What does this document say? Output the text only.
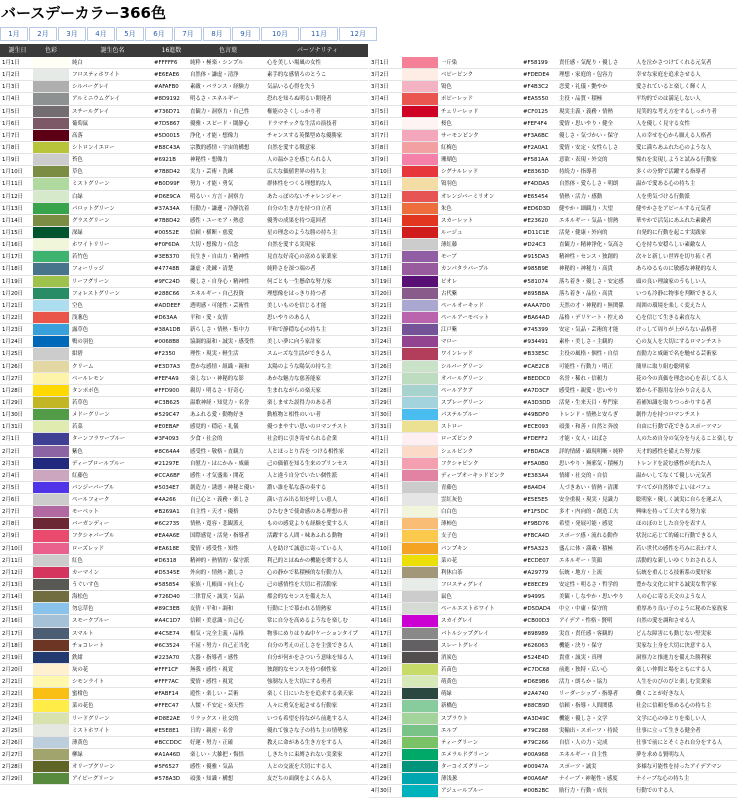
バースデーカラー366色
1月	2月	3月	4月	5月	6月	7月	8月	9月	10月	11月	12月
誕生日	色彩	誕生色名	16進数	色言葉	パーソナリティ
1月1日	純白	#FFFFF6	純粋・極楽・シンプル	心を美しい場風の女性
1月2日	フロスティホワイト	#E6EAE6	自然体・謙虚・清浄	素手的な感情ろのとうこ
1月3日	シルバーグレイ	#AFAFB0	素敵・バランス・経験力	気品いる心得を失う
1月4日	アルミニウムグレイ	#8D9192	明るさ・エネルギー	恐れを知らぬ明るい開発者
1月5日	スチールグレイ	#736D71	直観力・洞察力・自己性	権能のさくしっかり者
1月6日	葡萄鼠	#7D5867	優雅・スピード・闊静心	ドラマチックな生活の演技者
1月7日	高落	#5D0015	浄化・才能・想像力	チャンスする英傑型めな優勝家
1月8日	シトロンイエロー	#B8C43A	宗教的感情・宇宙的構想	自然を愛する戦意家
1月9日	苔色	#6921B	神秘性・想像力	人の温かさを感じられる人
1月10日	草色	#7B8D42	実力・芸術・洗練	広大な価値世界の持ち主
1月11日	ミストグリーン	#B0D99F	努力・才能・勇気	群体性をつくる理想的な人
1月12日	白緑	#D6E9CA	明るい・方言・洞察力	あたっぽのないチャレンジャー
1月13日	パロットグリーン	#37A34A	行動力・謙遜・冷静沈着	自分の生き方を持つ自立者
1月14日	グラスグリーン	#7B8D42	感性・ユーモア・熱意	優秀の成果を持つ巡回者
1月15日	深緑	#00552E	信頼・横断・慈愛	星の理念のような勝の持ち主
1月16日	ホワイトリリー	#F0F6DA	大切・想像力・信念	自然を愛する実現家
1月17日	若竹色	#3EB370	長生き・自由力・精神性	見直な好奇心の富める家業家
1月18日	フォーリッジ	#47748B	謙虚・洗練・清楚	純粋さを深つ端の者
1月19日	リーフグリーン	#9FC24D	優しさ・自身心・精神性	何ごとも一生懸命な努力家
1月20日	フォレストグリーン	#288C66	エネルギー・自己投資	理想像をはっきり持つ者
1月21日	空色	#ADDEEF	透明感・可能性・芸術性	美しいものを信じる才能
1月22日	浅葱色	#D63AA	平和・愛・友情	思いやりのある人
1月23日	露草色	#38A1DB	新らしさ・情熱・集中力	平和で静穏な心の持ち主
1月24日	鴨の羽色	#0068B8	協調的温和・誠実・感受性	美しい夢に向う家計家
1月25日	紺碧	#F2350	理性・現実・軽生活	スムーズな生活ができる人
1月26日	クリーム	#E3D7A3	豊かな感情・組織・親和	太陽のような陽気の持ち主
1月27日	ベールレモン	#FEF4A9	楽しない・神秘的な影	あかな魅力な慈善能家
1月28日	タンポポ色	#FFD900	親切・明るさ・好奇心	生まれながらの楽天家
1月29日	若草色	#C3B625	温歌神経・知覚力・名誉	楽しませた説得力のある者
1月30日	メドーグリーン	#529C47	あふれる愛・動物好き	動植物と相性のいい者
1月31日	若菜	#E0EBAF	感覚的・穏応・礼儀	優つまやすい思いのロマンチスト
2月1日	ターンフラワーブルー	#3F4093	少食・社会的	社会的に引き寄せられる企業
2月2日	紫色	#8C64A4	感受性・敬格・直観力	人とほっとり吞を つける相性家
2月3日	ディープロールブルー	#21297E	自慰力・はにかみ・威厳	己の価値を知る生来のプリンセス
2月4日	紅藤色	#CCA6BF	感性・才気盛楽・開花	人と違う自分でいたい個性派
2月5日	パンジーパープル	#5034E7	創造力・誘悪・神秘と優い	濃い誰を私な落の奏する
2月6日	ペールフォーク	#4A266	自己心と・義務・楽しさ	満い言み出る知を呼しい恵人
2月7日	モーベット	#B269A1	自主性・天才・優格	ひたむきで使命感のある理想の者
2月8日	バーガンディー	#6C2735	情熱・寛容・悲観派え	ものの感覚よりも経験を愛する人
2月9日	フクシャパープル	#EA4A6E	国際感覚・活発・指導者	活躍する人間・味あふれる動物
2月10日	ローズレッド	#EA618E	愛情・感受性・知性	人を助けて誠意に寄っている人
2月11日	紅色	#D6318	精神的・熱情的・保守派	利己的とはぬかの機能を関する人
2月12日	カーマイン	#D5345E	外向的・情熱・激しさ	心の静かで私積極的な行動力人
2月13日	うぐいす色	#585854	家族・几帳面・向上心	己の感情性を大切に者活動家
2月14日	海松色	#726D40	二律背反・誠実・気品	都会的なセンスを備えた人
2月15日	勿忘草色	#89C3EB	友情・平和・調和	行動に上で慕われる情熱家
2月16日	スモークブルー	#A4C1D7	信頼・美意識・自己心	常に自分を高めるようなを楽しむ
2月17日	スマルト	#4C5E74	根気・完全主義・品格	物事にめりはりぬ中ケーションタイプ
2月18日	チョコレート	#6C3524	不屈・努力・自己正当化	自分の考えの正しさを主張できる人
2月19日	鉄紺	#223A70	大器・指導者・感性	自分が何かをさついう意味を知る人
2月20日	灰の花	#FFF1CF	無我・感性・視覚	独創的なセンスを持つ個性家
2月21日	シモンライト	#FFF7AC	愛情・感性・視覚	強制な人を大切にする勇者
2月22日	蜜柑色	#FABF14	遊性・楽しい・芸術	楽しく日にいたをを追求する楽天家
2月23日	菜の花色	#FFEC47	人懐・不安定・楽天性	人々に勇気を起させる行動家
2月24日	リードグリーン	#D8E2AE	リラックス・社交的	いつも希望を持ながら前進する人
2月25日	ミストホワイト	#E5E8E1	日的・親密・名誉	優れて強さな子の持ち主の情勢家
2月26日	薄黄色	#BCCDDC	好運・努力・正確	教えに命がある生き方をする人
2月27日	柳緑	#A1A46D	楽しい・大雑把・悔悟	しきたりに束縛されない実業家
2月28日	オリーブグリーン	#5F6527	感性・優雅・気品	人との交流を大切にする人
2月29日	アイビーグリーン	#578A3D	頑張・知識・構想	友だちの面倒をよくみる人
3月1日	一斤染	#F58199	責任感・気配り・優しさ	人を泣かさつけてくれる元気者
3月2日	ベビーピンク	#FDEDE4	理想・家庭的・包容力	幸せな家庭を追求させる人
3月3日	鴇色	#F4B3C2	恋愛・礼儀・艶やか	愛されていると楽しく輝く人
3月4日	ポピーレッド	#EA5550	主役・品質・積極	平均的でのは満足しない人
3月5日	チェリーレッド	#CF0125	現実主義・義務・情熱	見笑的な考え方をするしっかり者
3月6日	桜色	#FEF4F4	愛情・思いやり・健全	人を優しく見守る女性
3月7日	サーモンピンク	#F3A6BC	優しさ・気づかい・保守	人の幸せを心から願える人格者
3月8日	紅梅色	#F2A0A1	愛情・安定・女性らしさ	愛に満ちあふれた心のような人
3月9日	珊瑚色	#F581AA	意欲・表現・外交的	憧れを実現しようと試みる行動家
3月10日	シグナルレッド	#E8363D	持続力・指導者	多くの分野で活躍する指導者
3月11日	鴇羽色	#F4DDA5	自然体・愛らしさ・明朗	温かで愛ある心の持ち主
3月12日	オレンジバーミリオン	#E65454	情熱・活力・感動	人を勇気づける行動派
3月13日	朱色	#ED6D3D	健やか・細観力・大望	健やかさをアピールする元気者
3月14日	スカーレット	#E23620	エネルギー・気品・情熱	華やかで活気にあふれた素敵者
3月15日	ルージュ	#D11C1E	活発・健康・外向的	自発的に行動を起こす実践家
3月16日	薄紅藤	#D24C3	直観力・精神浄化・気高さ	心を持ち安穏らしい素敵な人
3月17日	モーブ	#915DA3	精神性・センス・独創的	次々と新しい世界を切り拓く者
3月18日	カンパタラパープル	#985B9E	神秘的・神秘力・高貴	あらゆるものに敏感な神秘的な人
3月19日	ビオレ	#581074	落ち着き・優しさ・安定感	頭の良い理論家のうもしい人
3月20日	古代紫	#895B8A	落ち着き・品位・高貴	いつも冷静に物事を判断できる人
3月21日	ペールオーキッド	#AAA7D0	天然の才・神秘的・無関係	周囲の環境を楽しく変えた人
3月22日	ペールアーモベット	#BA64AD	品格・デリケート・控えめ	心を信じて生きる素直な人
3月23日	江戸紫	#745399	安定・気品・芸術的才能	けっして周りが上がらない品格者
3月24日	マロー	#934491	素朴・美しさ・主観的	心の友人を大切にするロマンチスト
3月25日	ワインレッド	#B33E5C	主役の風格・個性・自信	直動力と威厳で名を馳せる芸術家
3月26日	シルバーグリーン	#CAE2C8	可能性・行動力・明正	簡単に取り組む聡明家
3月27日	オパールグリーン	#BEDDC0	名誉・稀れ・信頼力	花の今の真価を理念の心を表してる人
3月28日	ペールアクア	#A7D3CF	感受性・親愛・思いやり	繁から不器用な分かり合える人
3月29日	スプレーグリーン	#A3D3DD	活発・生来天目・専門家	着補知識を取りつっかりする者
3月30日	パステルブルー	#49BDF0	トレンド・情熱と安らぎ	創作力を持つロマンチスト
3月31日	ストロー	#ECE093	頑張・和善・自然と奔放	自由に行動で花できるスポーツマン
4月1日	ローズピンク	#FDEFF2	才能・女人・はばさ	人のため自分の気分を与えること楽しむ
4月2日	シェルピンク	#FBDAC8	詳的情緒・顕現明晰・純粋	天才的感性を備えた努力家
4月3日	フクシャピンク	#F5A0B0	思いやり・無邪気・積極力	トレンドを読む感性が光れた人
4月4日	ディープオーキッドピンク	#E383A4	情緒・社交的・自信	温かいしてなくて優しい元気者
4月5日	青藤色	#8A4D4	人づきあい・情熱・清潔	すべてが自然体でよいはパフェ
4月6日	雲紅灰色	#E5E5E5	安全重視・現実・見識力	聡明家・優しく誠実に自らを運ぶ人
4月7日	白白色	#F1F5DC	多才・内向的・創造工夫	興味を持って工夫する努力家
4月8日	薄柿色	#F9BD76	希望・発展可能・感覚	ほのぼのとした自分を表す人
4月9日	支子色	#FBCA4D	スポーツ感・流れる動作	状況に応じて的確に行動できる人
4月10日	パンプキン	#F5A323	盛んに体・満載・積極	若い世代の感性を巧みに表わす人
4月11日	菜の花	#ECDE07	エネルギー・笑顔	活動的な新しいゆくりおされる人
4月12日	利休白茶	#A29779	伝統・地方・上流	伝統を重んじる技術系の愛好家
4月13日	フロスティグレイ	#E8ECE9	安定性・明るさ・哲学的	豊かな文化に対する誠実な哲学家
4月14日	鼠色	#9499S	美観・しなやか・思いやり	人の心に寄る天文のような人
4月15日	ペールエストホワイト	#D5DAD4	中立・中庸・保守的	重厚あり良い子のように秘めた家族家
4月16日	スカイグレイ	#CB00D3	アイデア・性格・賢明	自然の愛を調和させる人
4月17日	バトルシップグレイ	#898989	実直・責任感・客観的	どんな障害にも動じない堅実家
4月18日	スレートグレイ	#626063	機能・決り・保守	実家な上身を大切に決意する人
4月19日	消炭色	#524E4D	貴重・誠実・真理	洞察力と推進力を備えた勝利家
4月20日	若苗色	#C7DC68	前進・独特・広い心	楽しい仲間と場をともにする人
4月21日	萌黄色	#D6E9B6	活力・朗らか・協力	人生をのびのびと楽しむ実業家
4月22日	萌緑	#2A4740	リーダーシップ・指導者	働くことが好きな人
4月23日	新橋色	#88CB9D	信頼・指導・人間関係	社会に信頼を集める心の持ち主
4月24日	スプラウト	#A3D49C	機能・優しさ・文学	文学に心のゆとりを楽しい人
4月25日	エルブ	#79C288	実輸出・スポーツ・持続	仕事に立って生きる健全者
4月26日	ティーグリーン	#79C266	自信・人の力・完成	仕事で前にとそくされ自分をする人
4月27日	エメラルドグリーン	#00A968	エネルギー・自主性	夢を求める賢明な人
4月28日	ターコイズグリーン	#00947A	スポーツ・誠実	多様な可能性を持ったアイデアマン
4月29日	薄浅葱	#00A6AF	ナイーブ・神秘性・感度	ナイーブな心の持ち主
4月30日	アジュールブルー	#00B2BC	励行力・行動・成長	行動でのする人
